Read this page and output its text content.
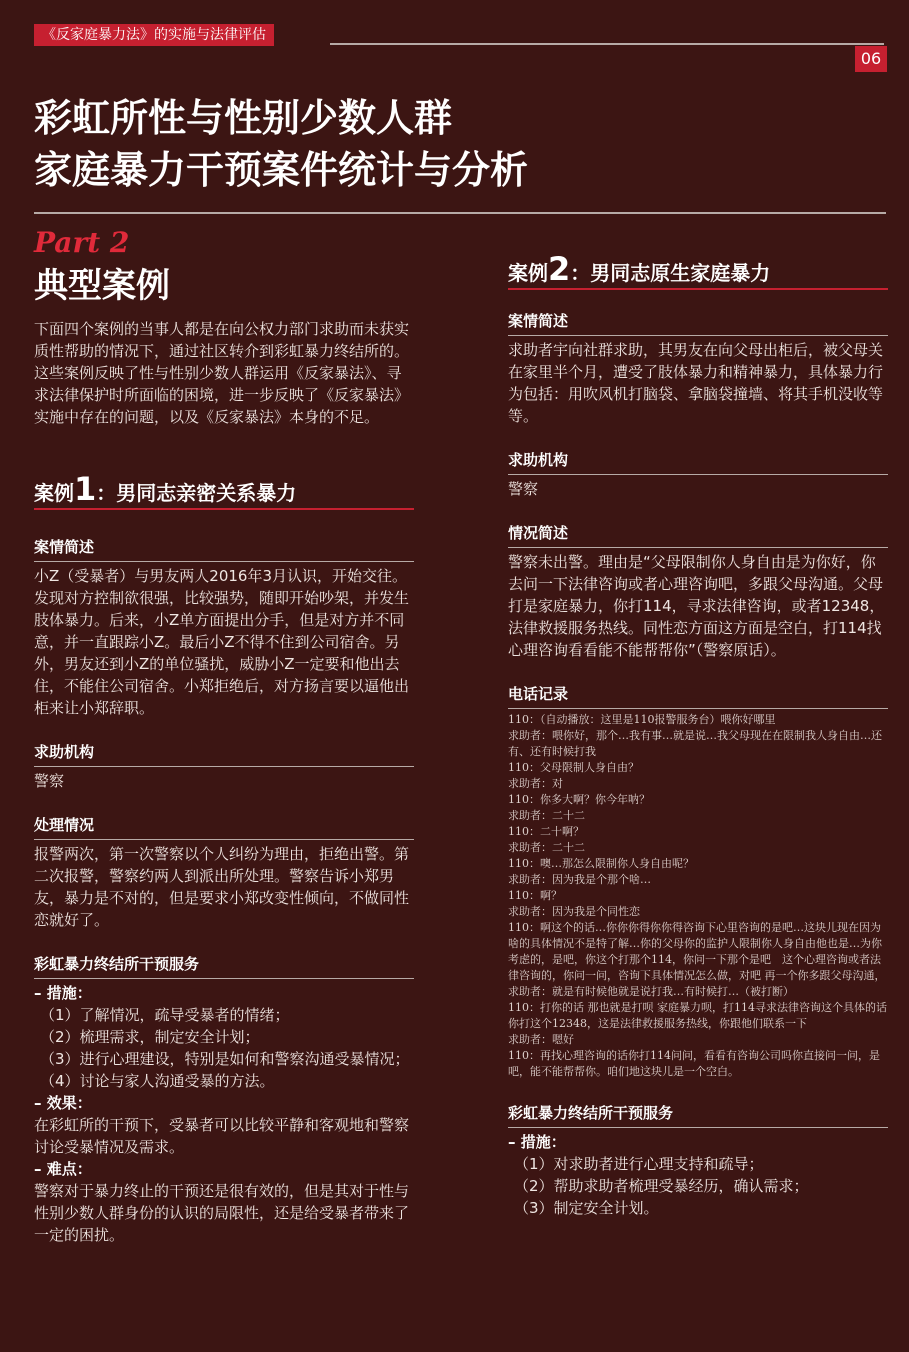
《反家庭暴力法》的实施与法律评估
06
彩虹所性与性别少数人群
家庭暴力干预案件统计与分析
Part 2
典型案例

下面四个案例的当事人都是在向公权力部门求助而未获实质性帮助的情况下，通过社区转介到彩虹暴力终结所的。这些案例反映了性与性别少数人群运用《反家暴法》、寻求法律保护时所面临的困境，进一步反映了《反家暴法》实施中存在的问题，以及《反家暴法》本身的不足。

案例1：男同志亲密关系暴力
案情简述

小Z（受暴者）与男友两人2016年3月认识，开始交往。发现对方控制欲很强，比较强势，随即开始吵架，并发生肢体暴力。后来，小Z单方面提出分手，但是对方并不同意，并一直跟踪小Z。最后小Z不得不住到公司宿舍。另外，男友还到小Z的单位骚扰，威胁小Z一定要和他出去住，不能住公司宿舍。小郑拒绝后，对方扬言要以逼他出柜来让小郑辞职。

求助机构

警察

处理情况

报警两次，第一次警察以个人纠纷为理由，拒绝出警。第二次报警，警察约两人到派出所处理。警察告诉小郑男友，暴力是不对的，但是要求小郑改变性倾向，不做同性恋就好了。

彩虹暴力终结所干预服务
– 措施：
（1）了解情况，疏导受暴者的情绪；
（2）梳理需求，制定安全计划；
（3）进行心理建设，特别是如何和警察沟通受暴情况；
（4）讨论与家人沟通受暴的方法。
– 效果：

在彩虹所的干预下，受暴者可以比较平静和客观地和警察讨论受暴情况及需求。

– 难点：

警察对于暴力终止的干预还是很有效的，但是其对于性与性别少数人群身份的认识的局限性，还是给受暴者带来了一定的困扰。

案例2：男同志原生家庭暴力
案情简述

求助者宇向社群求助，其男友在向父母出柜后，被父母关在家里半个月，遭受了肢体暴力和精神暴力，具体暴力行为包括：用吹风机打脑袋、拿脑袋撞墙、将其手机没收等等。

求助机构

警察

情况简述

警察未出警。理由是“父母限制你人身自由是为你好，你去问一下法律咨询或者心理咨询吧，多跟父母沟通。父母打是家庭暴力，你打114，寻求法律咨询，或者12348，法律救援服务热线。同性恋方面这方面是空白，打114找心理咨询看看能不能帮帮你”（警察原话）。

电话记录
110：（自动播放：这里是110报警服务台）喂你好哪里
求助者：喂你好，那个…我有事…就是说…我父母现在在限制我人身自由…还有、还有时候打我
110：父母限制人身自由？
求助者：对
110：你多大啊？你今年呐？
求助者：二十二
110：二十啊？
求助者：二十二
110：噢…那怎么限制你人身自由呢？
求助者：因为我是个那个啥…
110：啊？
求助者：因为我是个同性恋
110：啊这个的话…你你你得你你得咨询下心里咨询的是吧…这块儿现在因为啥的具体情况不是特了解…你的父母你的监护人限制你人身自由他也是…为你考虑的，是吧，你这个打那个114，你问一下那个是吧　这个心理咨询或者法律咨询的，你问一问，咨询下具体情况怎么做，对吧 再一个你多跟父母沟通，
求助者：就是有时候他就是说打我…有时候打…（被打断）
110：打你的话 那也就是打呗 家庭暴力呗，打114寻求法律咨询这个具体的话你打这个12348，这是法律救援服务热线，你跟他们联系一下
求助者：嗯好
110：再找心理咨询的话你打114问问，看看有咨询公司吗你直接问一问，是吧，能不能帮帮你。咱们地这块儿是一个空白。
彩虹暴力终结所干预服务
– 措施：
（1）对求助者进行心理支持和疏导；
（2）帮助求助者梳理受暴经历，确认需求；
（3）制定安全计划。
